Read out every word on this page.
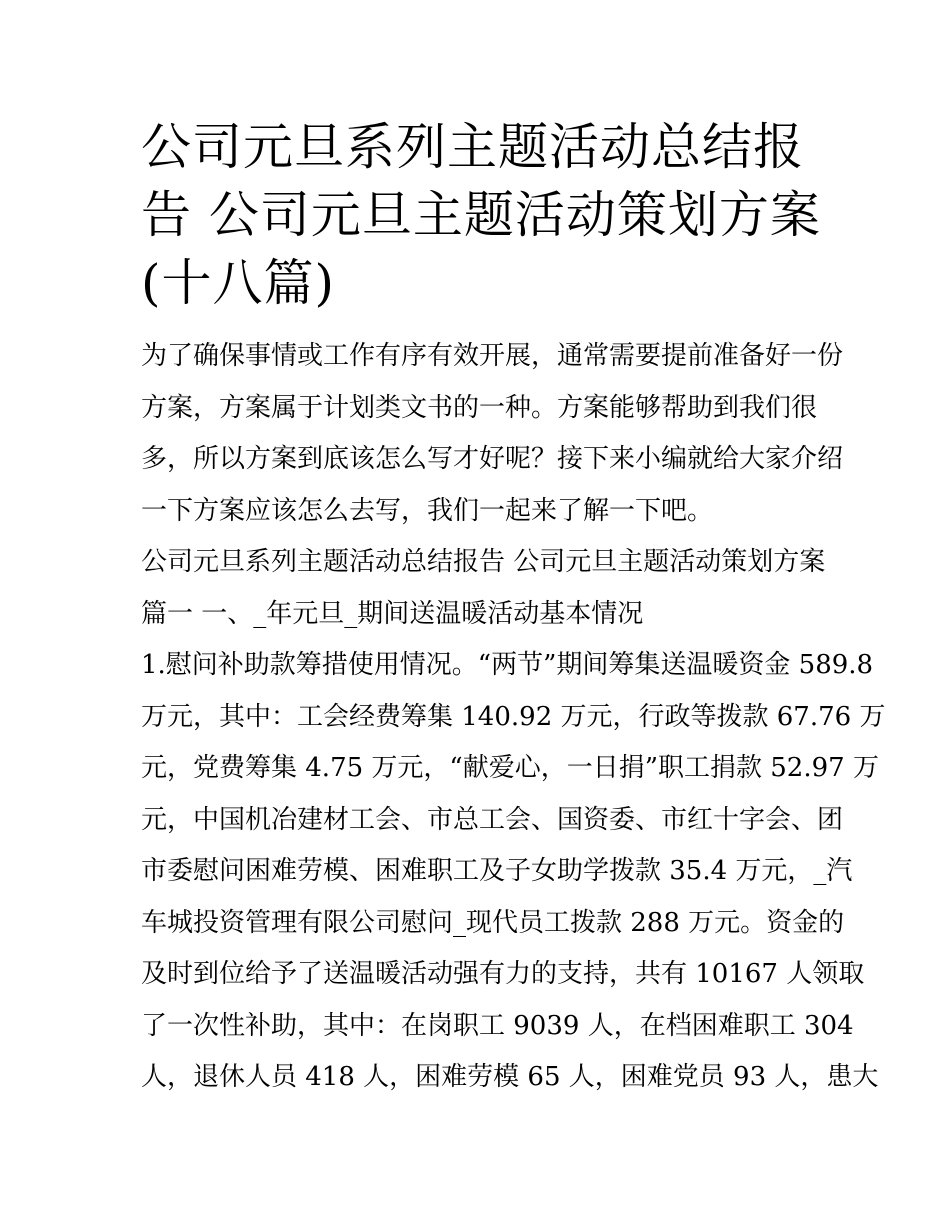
公司元旦系列主题活动总结报
告 公司元旦主题活动策划方案
(十八篇)
为了确保事情或工作有序有效开展，通常需要提前准备好一份
方案，方案属于计划类文书的一种。方案能够帮助到我们很
多，所以方案到底该怎么写才好呢？接下来小编就给大家介绍
一下方案应该怎么去写，我们一起来了解一下吧。
公司元旦系列主题活动总结报告 公司元旦主题活动策划方案
篇一 一、_年元旦_期间送温暖活动基本情况
1.慰问补助款筹措使用情况。“两节”期间筹集送温暖资金 589.8
万元，其中：工会经费筹集 140.92 万元，行政等拨款 67.76 万
元，党费筹集 4.75 万元，“献爱心，一日捐”职工捐款 52.97 万
元，中国机冶建材工会、市总工会、国资委、市红十字会、团
市委慰问困难劳模、困难职工及子女助学拨款 35.4 万元，_汽
车城投资管理有限公司慰问_现代员工拨款 288 万元。资金的
及时到位给予了送温暖活动强有力的支持，共有 10167 人领取
了一次性补助，其中：在岗职工 9039 人，在档困难职工 304
人，退休人员 418 人，困难劳模 65 人，困难党员 93 人，患大
